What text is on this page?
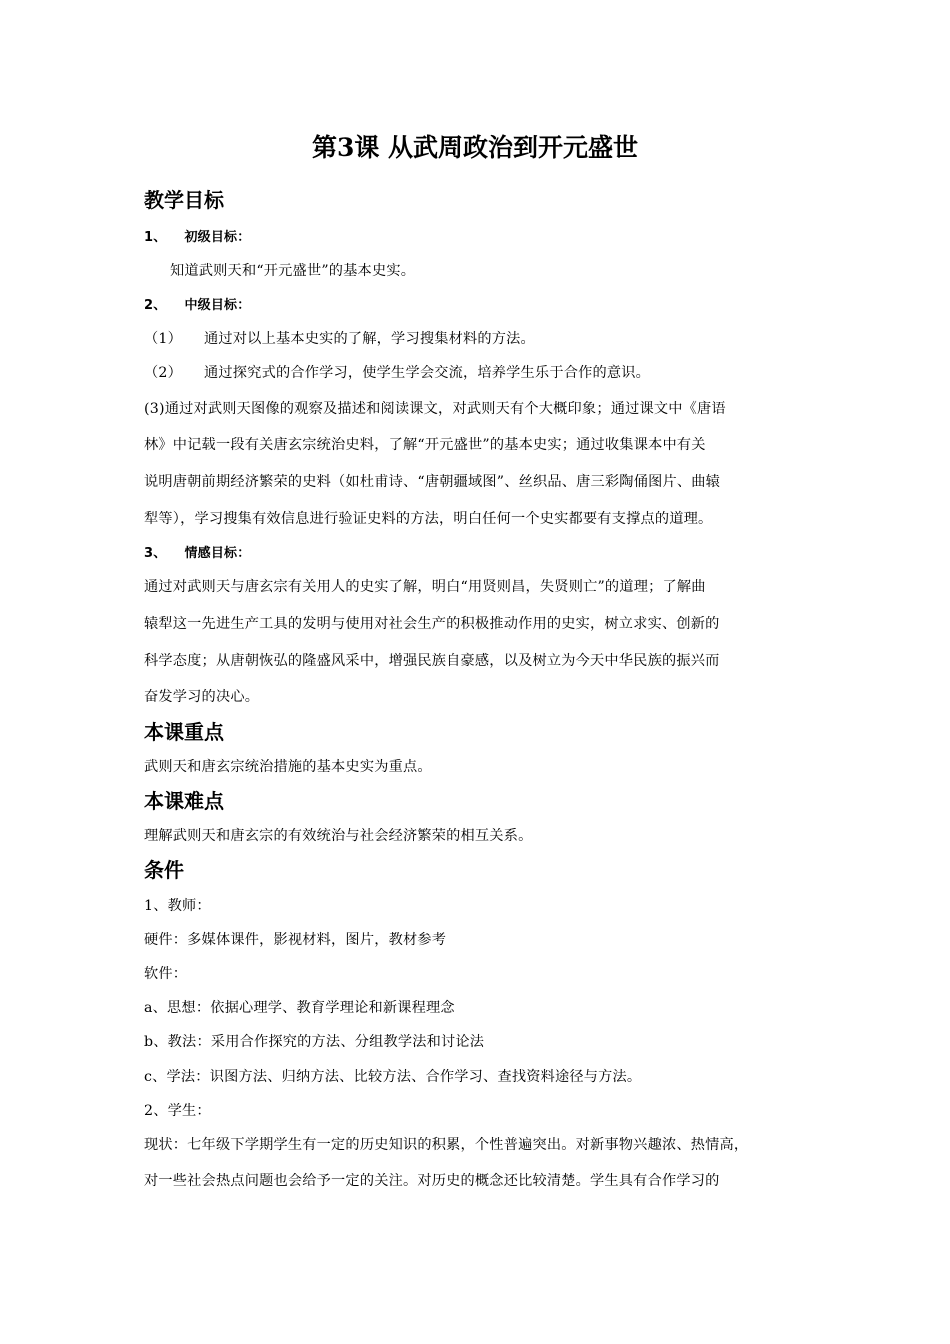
第3课 从武周政治到开元盛世
教学目标
1、 初级目标：
知道武则天和“开元盛世”的基本史实。
2、 中级目标：
（1） 通过对以上基本史实的了解，学习搜集材料的方法。
（2） 通过探究式的合作学习，使学生学会交流，培养学生乐于合作的意识。
(3)通过对武则天图像的观察及描述和阅读课文，对武则天有个大概印象；通过课文中《唐语
林》中记载一段有关唐玄宗统治史料，了解“开元盛世”的基本史实；通过收集课本中有关
说明唐朝前期经济繁荣的史料（如杜甫诗、“唐朝疆域图”、丝织品、唐三彩陶俑图片、曲辕
犁等），学习搜集有效信息进行验证史料的方法，明白任何一个史实都要有支撑点的道理。
3、 情感目标：
通过对武则天与唐玄宗有关用人的史实了解，明白“用贤则昌，失贤则亡”的道理；了解曲
辕犁这一先进生产工具的发明与使用对社会生产的积极推动作用的史实，树立求实、创新的
科学态度；从唐朝恢弘的隆盛风采中，增强民族自豪感，以及树立为今天中华民族的振兴而
奋发学习的决心。
本课重点
武则天和唐玄宗统治措施的基本史实为重点。
本课难点
理解武则天和唐玄宗的有效统治与社会经济繁荣的相互关系。
条件
1、教师：
硬件：多媒体课件，影视材料，图片，教材参考
软件：
a、思想：依据心理学、教育学理论和新课程理念
b、教法：采用合作探究的方法、分组教学法和讨论法
c、学法：识图方法、归纳方法、比较方法、合作学习、查找资料途径与方法。
2、学生：
现状：七年级下学期学生有一定的历史知识的积累，个性普遍突出。对新事物兴趣浓、热情高，
对一些社会热点问题也会给予一定的关注。对历史的概念还比较清楚。学生具有合作学习的
